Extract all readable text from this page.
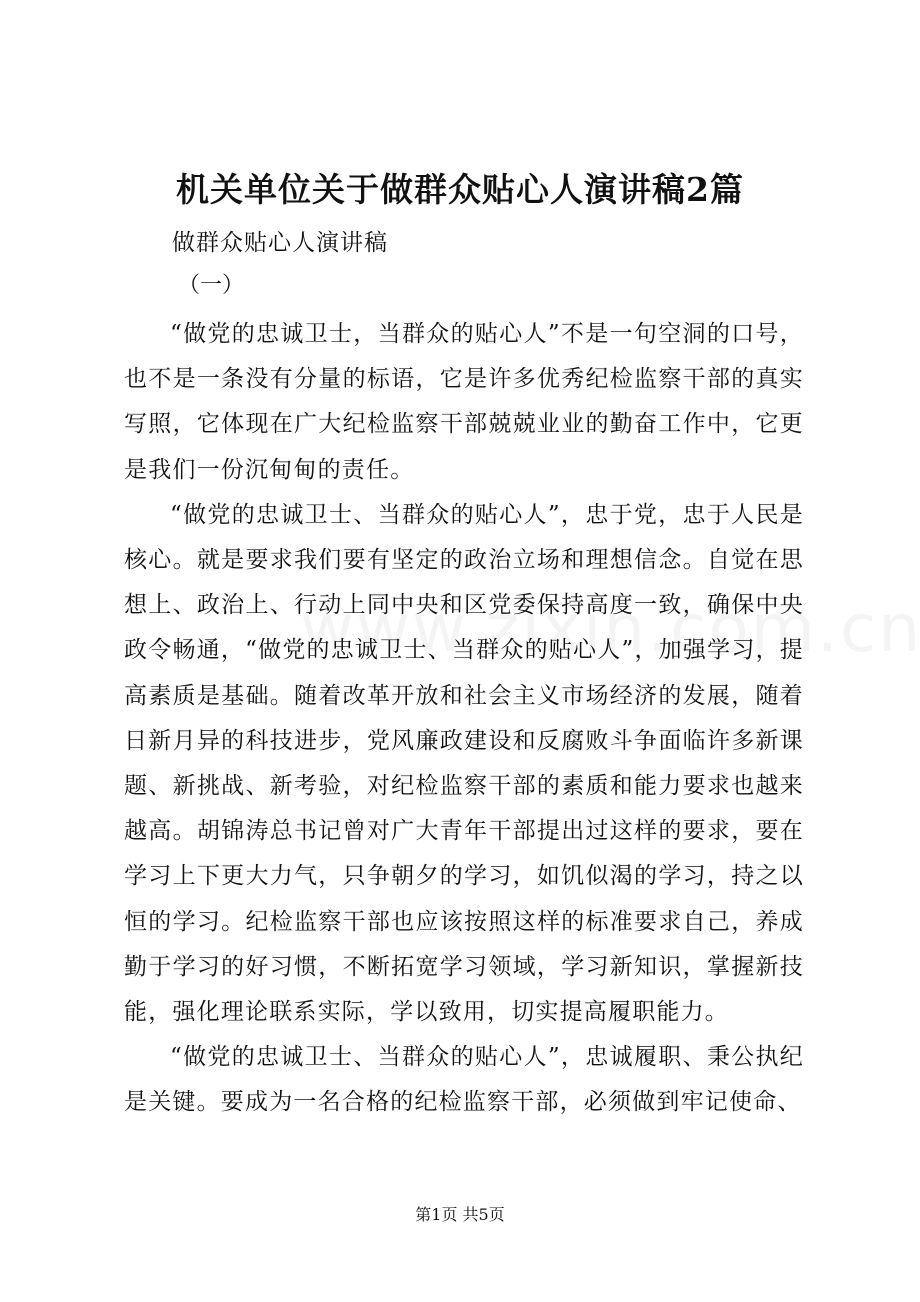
机关单位关于做群众贴心人演讲稿2篇
做群众贴心人演讲稿
（一）

“做党的忠诚卫士，当群众的贴心人”不是一句空洞的口号，也不是一条没有分量的标语，它是许多优秀纪检监察干部的真实写照，它体现在广大纪检监察干部兢兢业业的勤奋工作中，它更是我们一份沉甸甸的责任。

“做党的忠诚卫士、当群众的贴心人”，忠于党，忠于人民是核心。就是要求我们要有坚定的政治立场和理想信念。自觉在思想上、政治上、行动上同中央和区党委保持高度一致，确保中央政令畅通，“做党的忠诚卫士、当群众的贴心人”，加强学习，提高素质是基础。随着改革开放和社会主义市场经济的发展，随着日新月异的科技进步，党风廉政建设和反腐败斗争面临许多新课题、新挑战、新考验，对纪检监察干部的素质和能力要求也越来越高。胡锦涛总书记曾对广大青年干部提出过这样的要求，要在学习上下更大力气，只争朝夕的学习，如饥似渴的学习，持之以恒的学习。纪检监察干部也应该按照这样的标准要求自己，养成勤于学习的好习惯，不断拓宽学习领域，学习新知识，掌握新技能，强化理论联系实际，学以致用，切实提高履职能力。

“做党的忠诚卫士、当群众的贴心人”，忠诚履职、秉公执纪是关键。要成为一名合格的纪检监察干部，必须做到牢记使命、

第1页 共5页
